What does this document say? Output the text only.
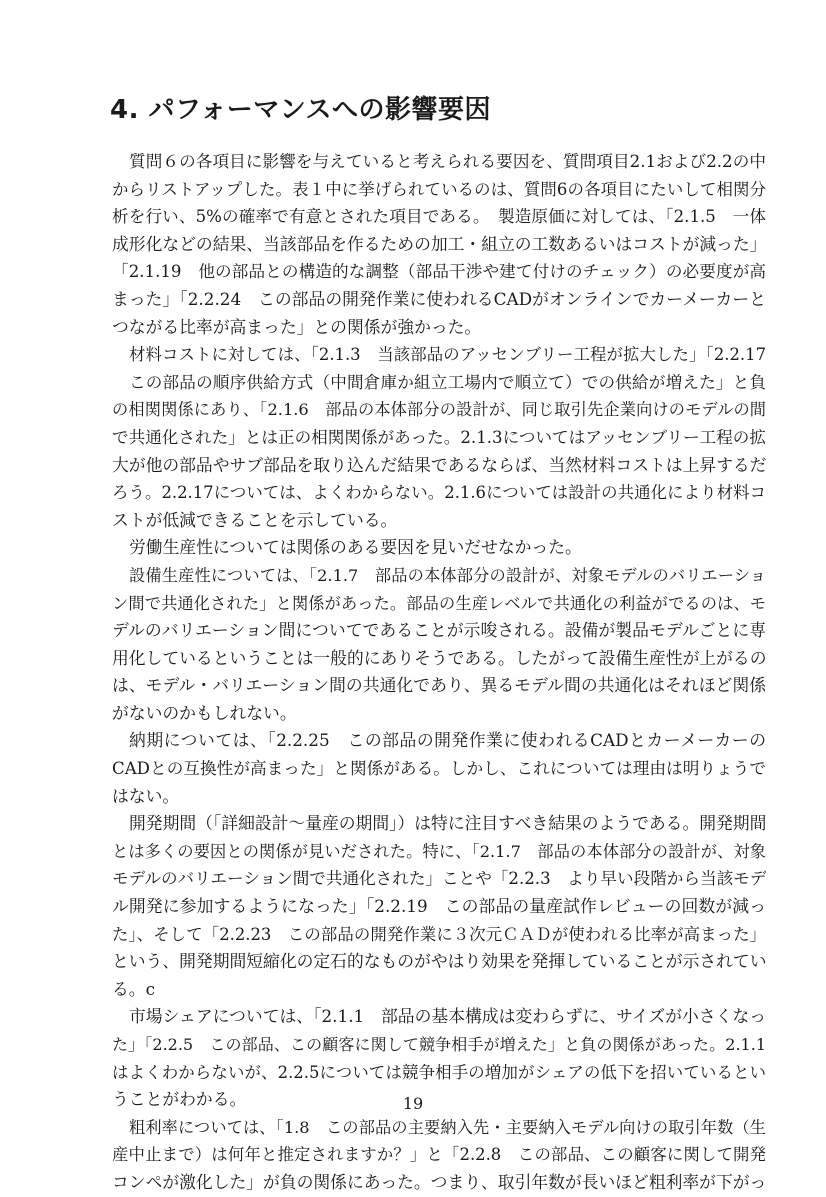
4. パフォーマンスへの影響要因
質問６の各項目に影響を与えていると考えられる要因を、質問項目2.1および2.2の中
からリストアップした。表１中に挙げられているのは、質問6の各項目にたいして相関分
析を行い、5%の確率で有意とされた項目である。　製造原価に対しては、「2.1.5　一体
成形化などの結果、当該部品を作るための加工・組立の工数あるいはコストが減った」
「2.1.19　他の部品との構造的な調整（部品干渉や建て付けのチェック）の必要度が高
まった」「2.2.24　この部品の開発作業に使われるCADがオンラインでカーメーカーと
つながる比率が高まった」との関係が強かった。
材料コストに対しては、「2.1.3　当該部品のアッセンブリー工程が拡大した」「2.2.17
この部品の順序供給方式（中間倉庫か組立工場内で順立て）での供給が増えた」と負
の相関関係にあり、「2.1.6　部品の本体部分の設計が、同じ取引先企業向けのモデルの間
で共通化された」とは正の相関関係があった。2.1.3についてはアッセンブリー工程の拡
大が他の部品やサブ部品を取り込んだ結果であるならば、当然材料コストは上昇するだ
ろう。2.2.17については、よくわからない。2.1.6については設計の共通化により材料コ
ストが低減できることを示している。
労働生産性については関係のある要因を見いだせなかった。
設備生産性については、「2.1.7　部品の本体部分の設計が、対象モデルのバリエーショ
ン間で共通化された」と関係があった。部品の生産レベルで共通化の利益がでるのは、モ
デルのバリエーション間についてであることが示唆される。設備が製品モデルごとに専
用化しているということは一般的にありそうである。したがって設備生産性が上がるの
は、モデル・バリエーション間の共通化であり、異るモデル間の共通化はそれほど関係
がないのかもしれない。
納期については、「2.2.25　この部品の開発作業に使われるCADとカーメーカーの
CADとの互換性が高まった」と関係がある。しかし、これについては理由は明りょうで
はない。
開発期間（「詳細設計～量産の期間」）は特に注目すべき結果のようである。開発期間
とは多くの要因との関係が見いだされた。特に、「2.1.7　部品の本体部分の設計が、対象
モデルのバリエーション間で共通化された」ことや「2.2.3　より早い段階から当該モデ
ル開発に参加するようになった」「2.2.19　この部品の量産試作レビューの回数が減っ
た」、そして「2.2.23　この部品の開発作業に３次元ＣＡＤが使われる比率が高まった」
という、開発期間短縮化の定石的なものがやはり効果を発揮していることが示されてい
る。c
市場シェアについては、「2.1.1　部品の基本構成は変わらずに、サイズが小さくなっ
た」「2.2.5　この部品、この顧客に関して競争相手が増えた」と負の関係があった。2.1.1
はよくわからないが、2.2.5については競争相手の増加がシェアの低下を招いているとい
うことがわかる。
粗利率については、「1.8　この部品の主要納入先・主要納入モデル向けの取引年数（生
産中止まで）は何年と推定されますか？」と「2.2.8　この部品、この顧客に関して開発
コンペが激化した」が負の関係にあった。つまり、取引年数が長いほど粗利率が下がっ
19
